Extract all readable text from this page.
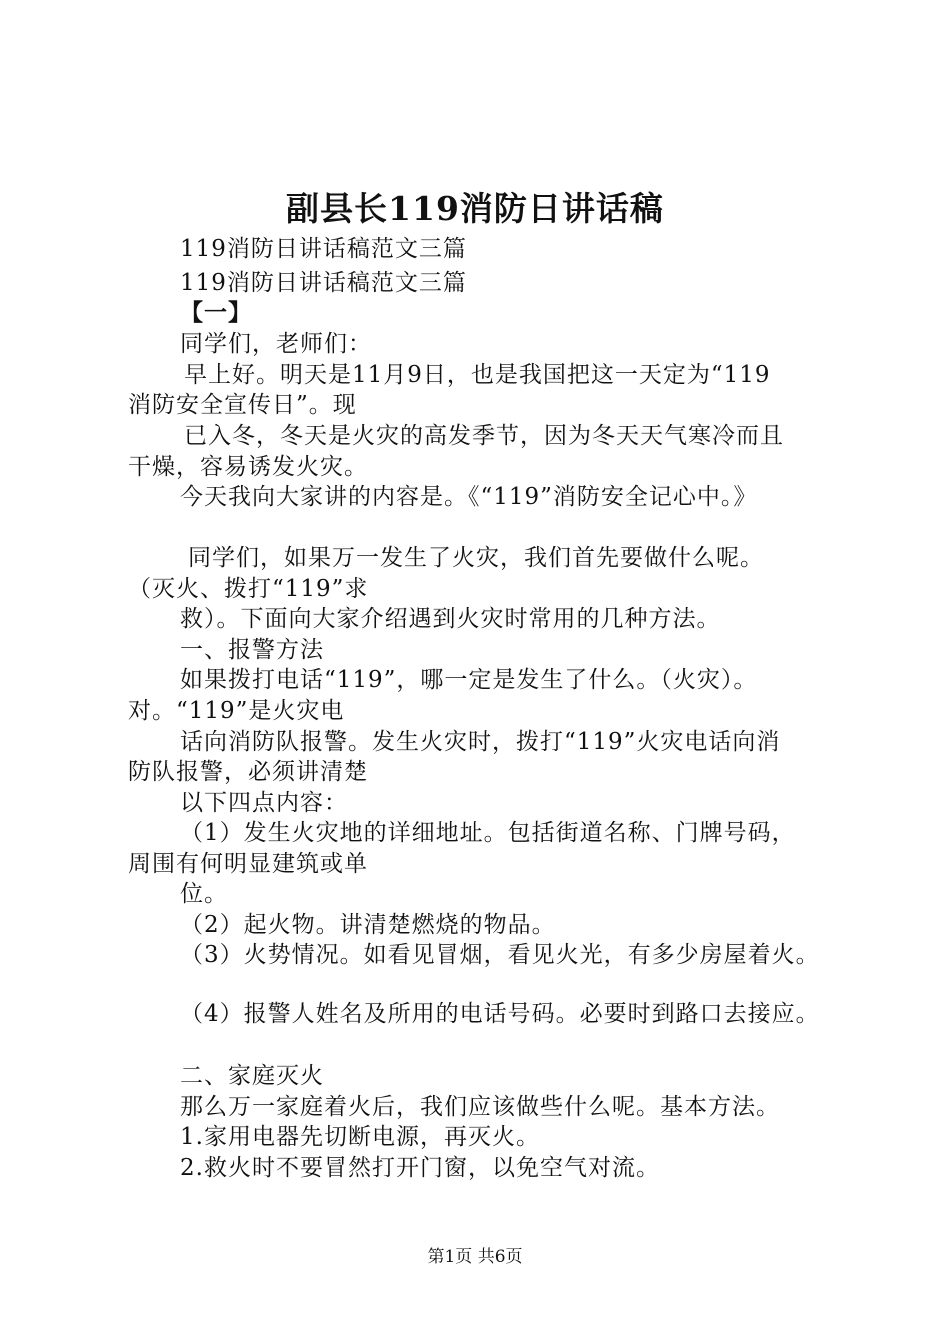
副县长119消防日讲话稿
119消防日讲话稿范文三篇
119消防日讲话稿范文三篇
【一】
同学们，老师们：
早上好。明天是11月9日，也是我国把这一天定为“119
消防安全宣传日”。现
已入冬，冬天是火灾的高发季节，因为冬天天气寒冷而且
干燥，容易诱发火灾。
今天我向大家讲的内容是。《“119”消防安全记心中。》
同学们，如果万一发生了火灾，我们首先要做什么呢。
（灭火、拨打“119”求
救）。下面向大家介绍遇到火灾时常用的几种方法。
一、报警方法
如果拨打电话“119”，哪一定是发生了什么。（火灾）。
对。“119”是火灾电
话向消防队报警。发生火灾时，拨打“119”火灾电话向消
防队报警，必须讲清楚
以下四点内容：
（1）发生火灾地的详细地址。包括街道名称、门牌号码，
周围有何明显建筑或单
位。
（2）起火物。讲清楚燃烧的物品。
（3）火势情况。如看见冒烟，看见火光，有多少房屋着火。
（4）报警人姓名及所用的电话号码。必要时到路口去接应。
二、家庭灭火
那么万一家庭着火后，我们应该做些什么呢。基本方法。
1.家用电器先切断电源，再灭火。
2.救火时不要冒然打开门窗，以免空气对流。
第1页 共6页
